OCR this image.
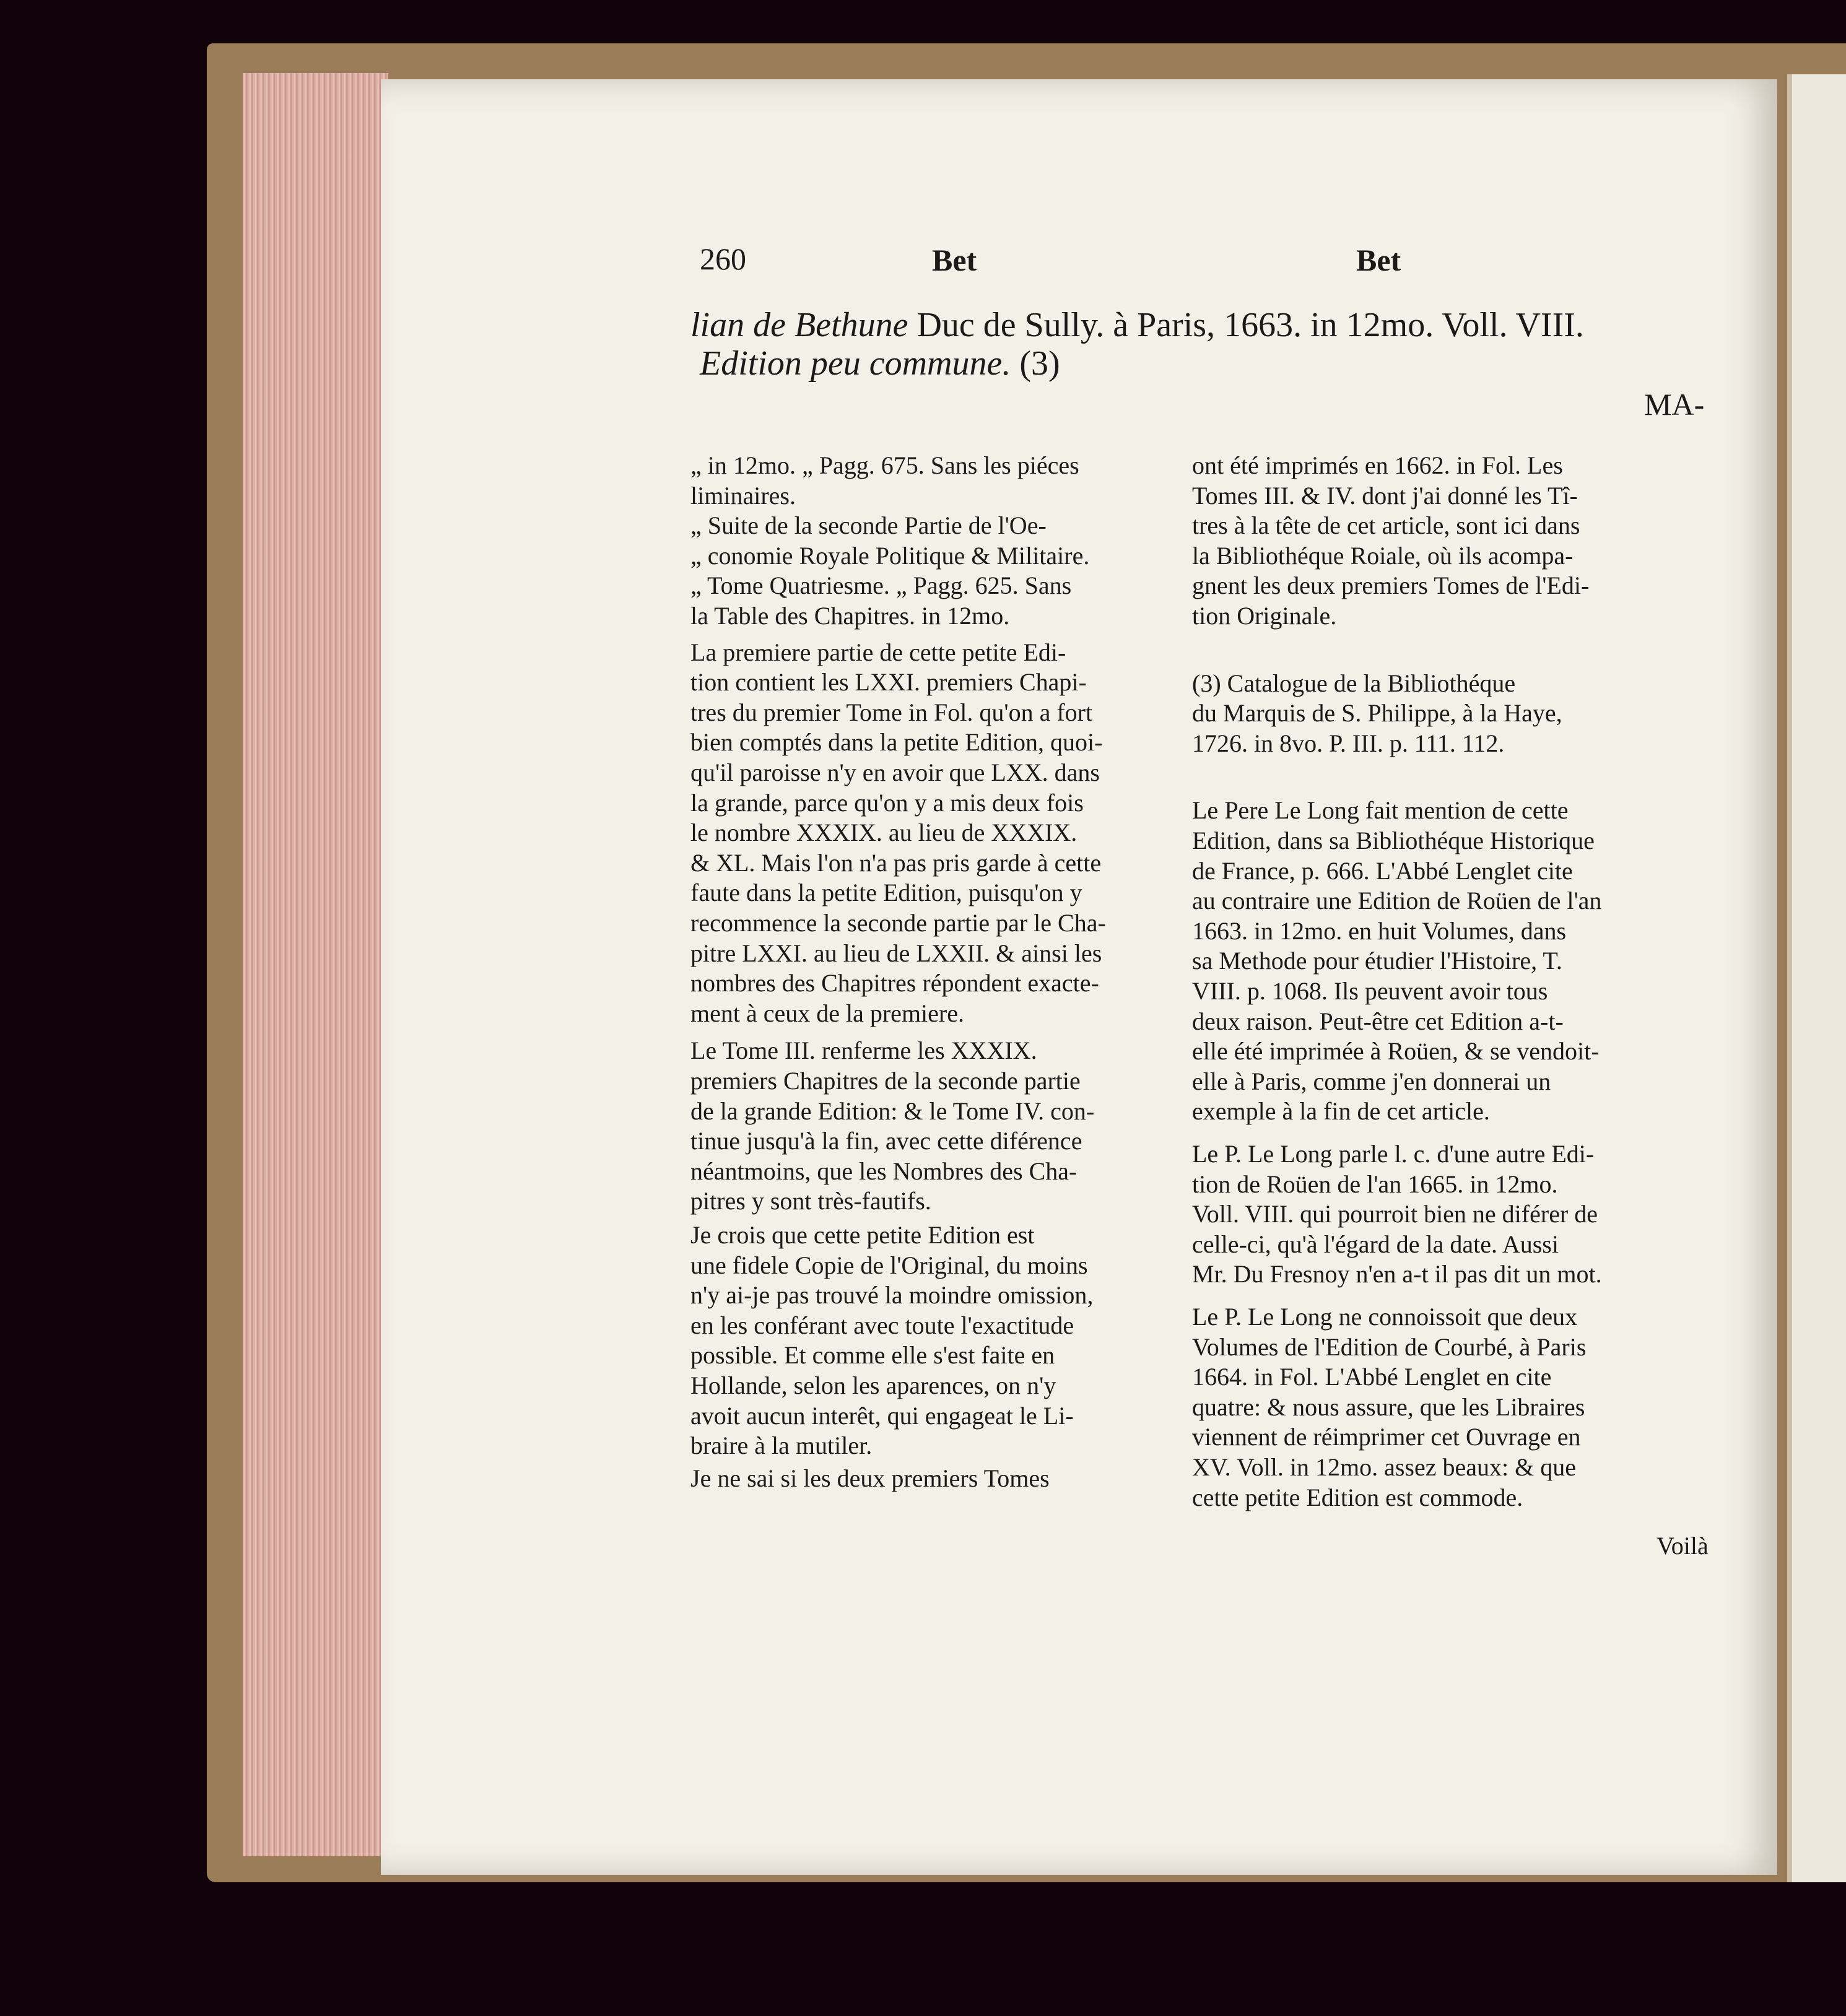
260	Bet	Bet
lian de Bethune Duc de Sully. à Paris, 1663. in 12mo. Voll. VIII.
Edition peu commune. (3)
MA-
„ in 12mo. „ Pagg. 675. Sans les piéces
liminaires.
„ Suite de la seconde Partie de l'Oe-
„ conomie Royale Politique & Militaire.
„ Tome Quatriesme. „ Pagg. 625. Sans
la Table des Chapitres. in 12mo.
La premiere partie de cette petite Edi-
tion contient les LXXI. premiers Chapi-
tres du premier Tome in Fol. qu'on a fort
bien comptés dans la petite Edition, quoi-
qu'il paroisse n'y en avoir que LXX. dans
la grande, parce qu'on y a mis deux fois
le nombre XXXIX. au lieu de XXXIX.
& XL. Mais l'on n'a pas pris garde à cette
faute dans la petite Edition, puisqu'on y
recommence la seconde partie par le Cha-
pitre LXXI. au lieu de LXXII. & ainsi les
nombres des Chapitres répondent exacte-
ment à ceux de la premiere.
Le Tome III. renferme les XXXIX.
premiers Chapitres de la seconde partie
de la grande Edition: & le Tome IV. con-
tinue jusqu'à la fin, avec cette diférence
néantmoins, que les Nombres des Cha-
pitres y sont très-fautifs.
Je crois que cette petite Edition est
une fidele Copie de l'Original, du moins
n'y ai-je pas trouvé la moindre omission,
en les conférant avec toute l'exactitude
possible. Et comme elle s'est faite en
Hollande, selon les aparences, on n'y
avoit aucun interêt, qui engageat le Li-
braire à la mutiler.
Je ne sai si les deux premiers Tomes
ont été imprimés en 1662. in Fol. Les
Tomes III. & IV. dont j'ai donné les Tî-
tres à la tête de cet article, sont ici dans
la Bibliothéque Roiale, où ils acompa-
gnent les deux premiers Tomes de l'Edi-
tion Originale.
(3) Catalogue de la Bibliothéque
du Marquis de S. Philippe, à la Haye,
1726. in 8vo. P. III. p. 111. 112.
Le Pere Le Long fait mention de cette
Edition, dans sa Bibliothéque Historique
de France, p. 666. L'Abbé Lenglet cite
au contraire une Edition de Roüen de l'an
1663. in 12mo. en huit Volumes, dans
sa Methode pour étudier l'Histoire, T.
VIII. p. 1068. Ils peuvent avoir tous
deux raison. Peut-être cet Edition a-t-
elle été imprimée à Roüen, & se vendoit-
elle à Paris, comme j'en donnerai un
exemple à la fin de cet article.
Le P. Le Long parle l. c. d'une autre Edi-
tion de Roüen de l'an 1665. in 12mo.
Voll. VIII. qui pourroit bien ne diférer de
celle-ci, qu'à l'égard de la date. Aussi
Mr. Du Fresnoy n'en a-t il pas dit un mot.
Le P. Le Long ne connoissoit que deux
Volumes de l'Edition de Courbé, à Paris
1664. in Fol. L'Abbé Lenglet en cite
quatre: & nous assure, que les Libraires
viennent de réimprimer cet Ouvrage en
XV. Voll. in 12mo. assez beaux: & que
cette petite Edition est commode.
Voilà
